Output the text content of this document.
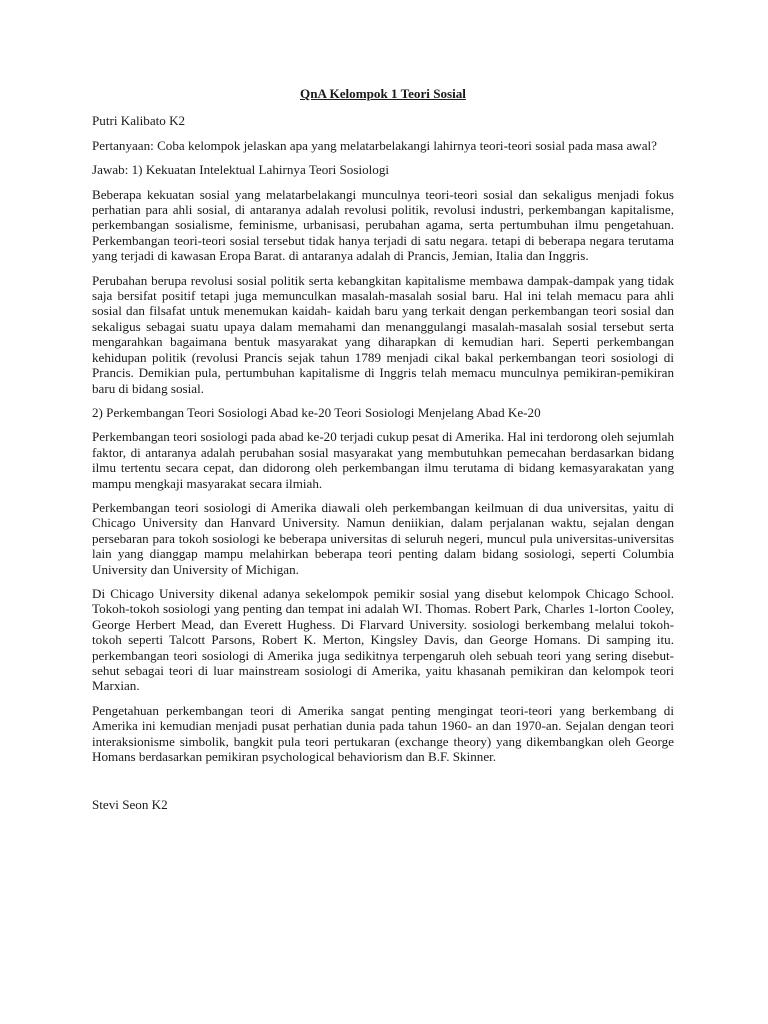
QnA Kelompok 1 Teori Sosial

Putri Kalibato K2

Pertanyaan: Coba kelompok jelaskan apa yang melatarbelakangi lahirnya teori-teori sosial pada masa awal?

Jawab: 1) Kekuatan Intelektual Lahirnya Teori Sosiologi

Beberapa kekuatan sosial yang melatarbelakangi munculnya teori-teori sosial dan sekaligus menjadi fokus perhatian para ahli sosial, di antaranya adalah revolusi politik, revolusi industri, perkembangan kapitalisme, perkembangan sosialisme, feminisme, urbanisasi, perubahan agama, serta pertumbuhan ilmu pengetahuan. Perkembangan teori-teori sosial tersebut tidak hanya terjadi di satu negara. tetapi di beberapa negara terutama yang terjadi di kawasan Eropa Barat. di antaranya adalah di Prancis, Jemian, Italia dan Inggris.

Perubahan berupa revolusi sosial politik serta kebangkitan kapitalisme membawa dampak-dampak yang tidak saja bersifat positif tetapi juga memunculkan masalah-masalah sosial baru. Hal ini telah memacu para ahli sosial dan filsafat untuk menemukan kaidah- kaidah baru yang terkait dengan perkembangan teori sosial dan sekaligus sebagai suatu upaya dalam memahami dan menanggulangi masalah-masalah sosial tersebut serta mengarahkan bagaimana bentuk masyarakat yang diharapkan di kemudian hari. Seperti perkembangan kehidupan politik (revolusi Prancis sejak tahun 1789 menjadi cikal bakal perkembangan teori sosiologi di Prancis. Demikian pula, pertumbuhan kapitalisme di Inggris telah memacu munculnya pemikiran-pemikiran baru di bidang sosial.

2) Perkembangan Teori Sosiologi Abad ke-20 Teori Sosiologi Menjelang Abad Ke-20

Perkembangan teori sosiologi pada abad ke-20 terjadi cukup pesat di Amerika. Hal ini terdorong oleh sejumlah faktor, di antaranya adalah perubahan sosial masyarakat yang membutuhkan pemecahan berdasarkan bidang ilmu tertentu secara cepat, dan didorong oleh perkembangan ilmu terutama di bidang kemasyarakatan yang mampu mengkaji masyarakat secara ilmiah.

Perkembangan teori sosiologi di Amerika diawali oleh perkembangan keilmuan di dua universitas, yaitu di Chicago University dan Hanvard University. Namun deniikian, dalam perjalanan waktu, sejalan dengan persebaran para tokoh sosiologi ke beberapa universitas di seluruh negeri, muncul pula universitas-universitas lain yang dianggap mampu melahirkan beberapa teori penting dalam bidang sosiologi, seperti Columbia University dan University of Michigan.

Di Chicago University dikenal adanya sekelompok pemikir sosial yang disebut kelompok Chicago School. Tokoh-tokoh sosiologi yang penting dan tempat ini adalah WI. Thomas. Robert Park, Charles 1-lorton Cooley, George Herbert Mead, dan Everett Hughess. Di Flarvard University. sosiologi berkembang melalui tokoh-tokoh seperti Talcott Parsons, Robert K. Merton, Kingsley Davis, dan George Homans. Di samping itu. perkembangan teori sosiologi di Amerika juga sedikitnya terpengaruh oleh sebuah teori yang sering disebut-sehut sebagai teori di luar mainstream sosiologi di Amerika, yaitu khasanah pemikiran dan kelompok teori Marxian.

Pengetahuan perkembangan teori di Amerika sangat penting mengingat teori-teori yang berkembang di Amerika ini kemudian menjadi pusat perhatian dunia pada tahun 1960- an dan 1970-an. Sejalan dengan teori interaksionisme simbolik, bangkit pula teori pertukaran (exchange theory) yang dikembangkan oleh George Homans berdasarkan pemikiran psychological behaviorism dan B.F. Skinner.

Stevi Seon K2
